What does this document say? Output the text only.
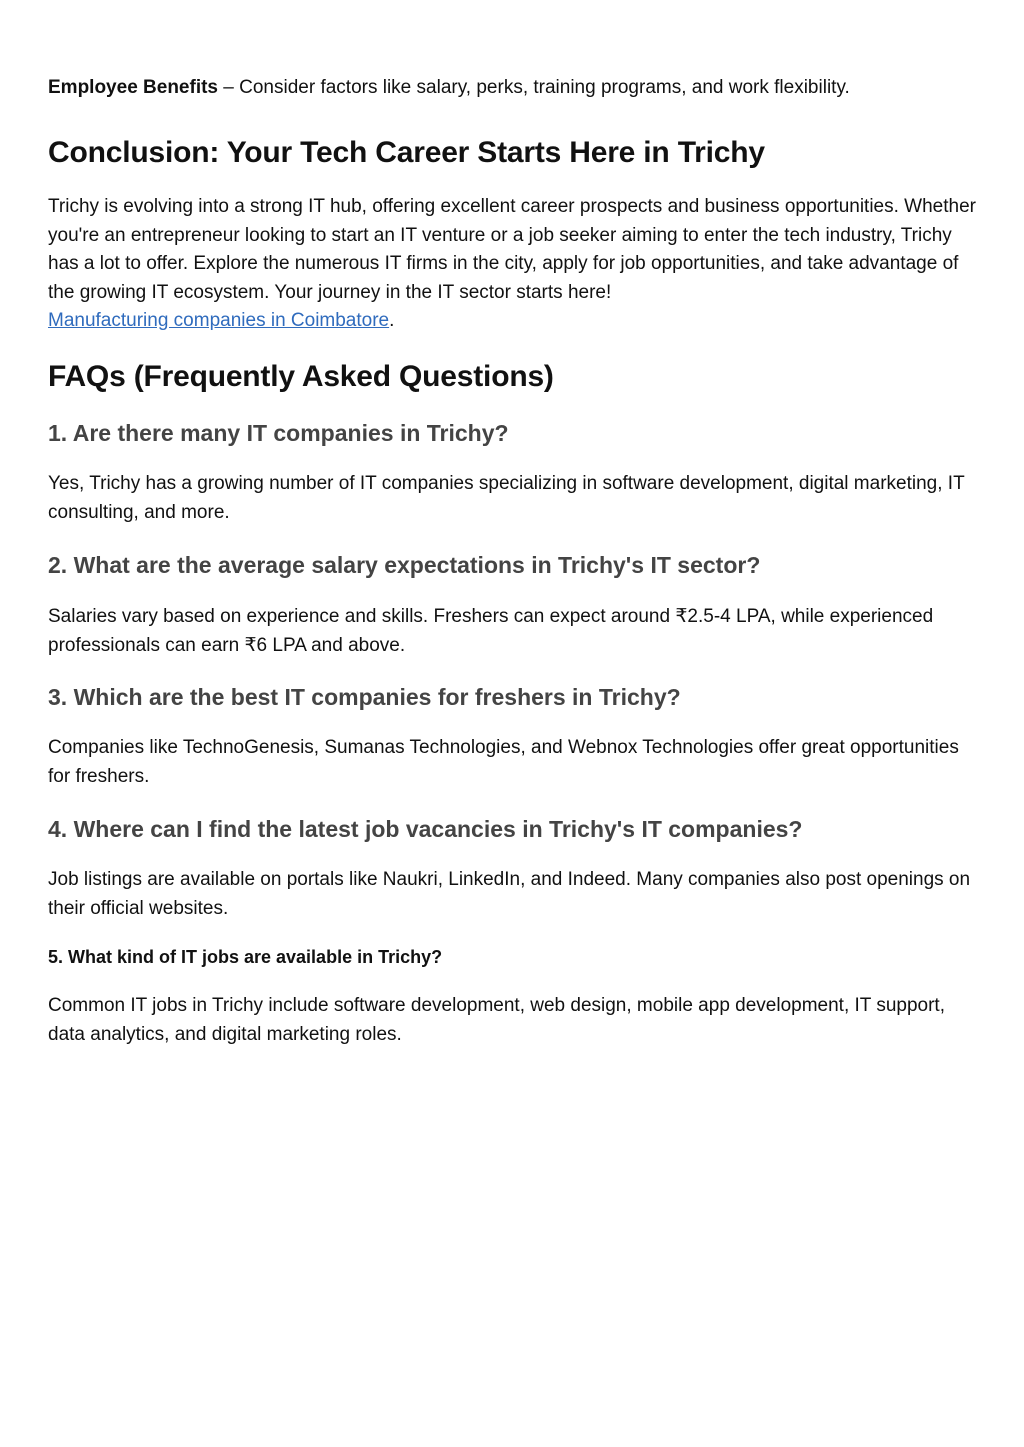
Employee Benefits – Consider factors like salary, perks, training programs, and work flexibility.

Conclusion: Your Tech Career Starts Here in Trichy

Trichy is evolving into a strong IT hub, offering excellent career prospects and business opportunities. Whether you're an entrepreneur looking to start an IT venture or a job seeker aiming to enter the tech industry, Trichy has a lot to offer. Explore the numerous IT firms in the city, apply for job opportunities, and take advantage of the growing IT ecosystem. Your journey in the IT sector starts here!
Manufacturing companies in Coimbatore.

FAQs (Frequently Asked Questions)
1. Are there many IT companies in Trichy?

Yes, Trichy has a growing number of IT companies specializing in software development, digital marketing, IT consulting, and more.

2. What are the average salary expectations in Trichy's IT sector?

Salaries vary based on experience and skills. Freshers can expect around ₹2.5-4 LPA, while experienced professionals can earn ₹6 LPA and above.

3. Which are the best IT companies for freshers in Trichy?

Companies like TechnoGenesis, Sumanas Technologies, and Webnox Technologies offer great opportunities for freshers.

4. Where can I find the latest job vacancies in Trichy's IT companies?

Job listings are available on portals like Naukri, LinkedIn, and Indeed. Many companies also post openings on their official websites.

5. What kind of IT jobs are available in Trichy?

Common IT jobs in Trichy include software development, web design, mobile app development, IT support, data analytics, and digital marketing roles.
